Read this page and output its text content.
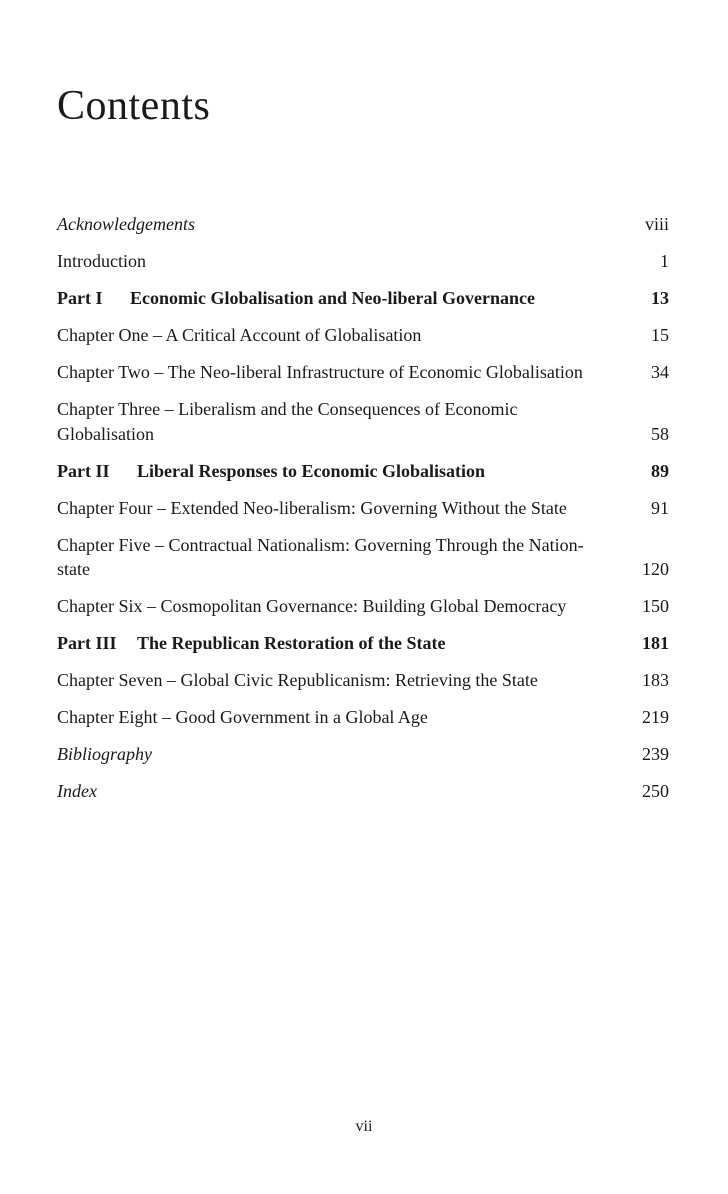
Contents
Acknowledgements	viii
Introduction	1
Part I Economic Globalisation and Neo-liberal Governance	13
Chapter One – A Critical Account of Globalisation	15
Chapter Two – The Neo-liberal Infrastructure of Economic Globalisation	34
Chapter Three – Liberalism and the Consequences of Economic Globalisation	58
Part II Liberal Responses to Economic Globalisation	89
Chapter Four – Extended Neo-liberalism: Governing Without the State	91
Chapter Five – Contractual Nationalism: Governing Through the Nation-state	120
Chapter Six – Cosmopolitan Governance: Building Global Democracy	150
Part III The Republican Restoration of the State	181
Chapter Seven – Global Civic Republicanism: Retrieving the State	183
Chapter Eight – Good Government in a Global Age	219
Bibliography	239
Index	250
vii
